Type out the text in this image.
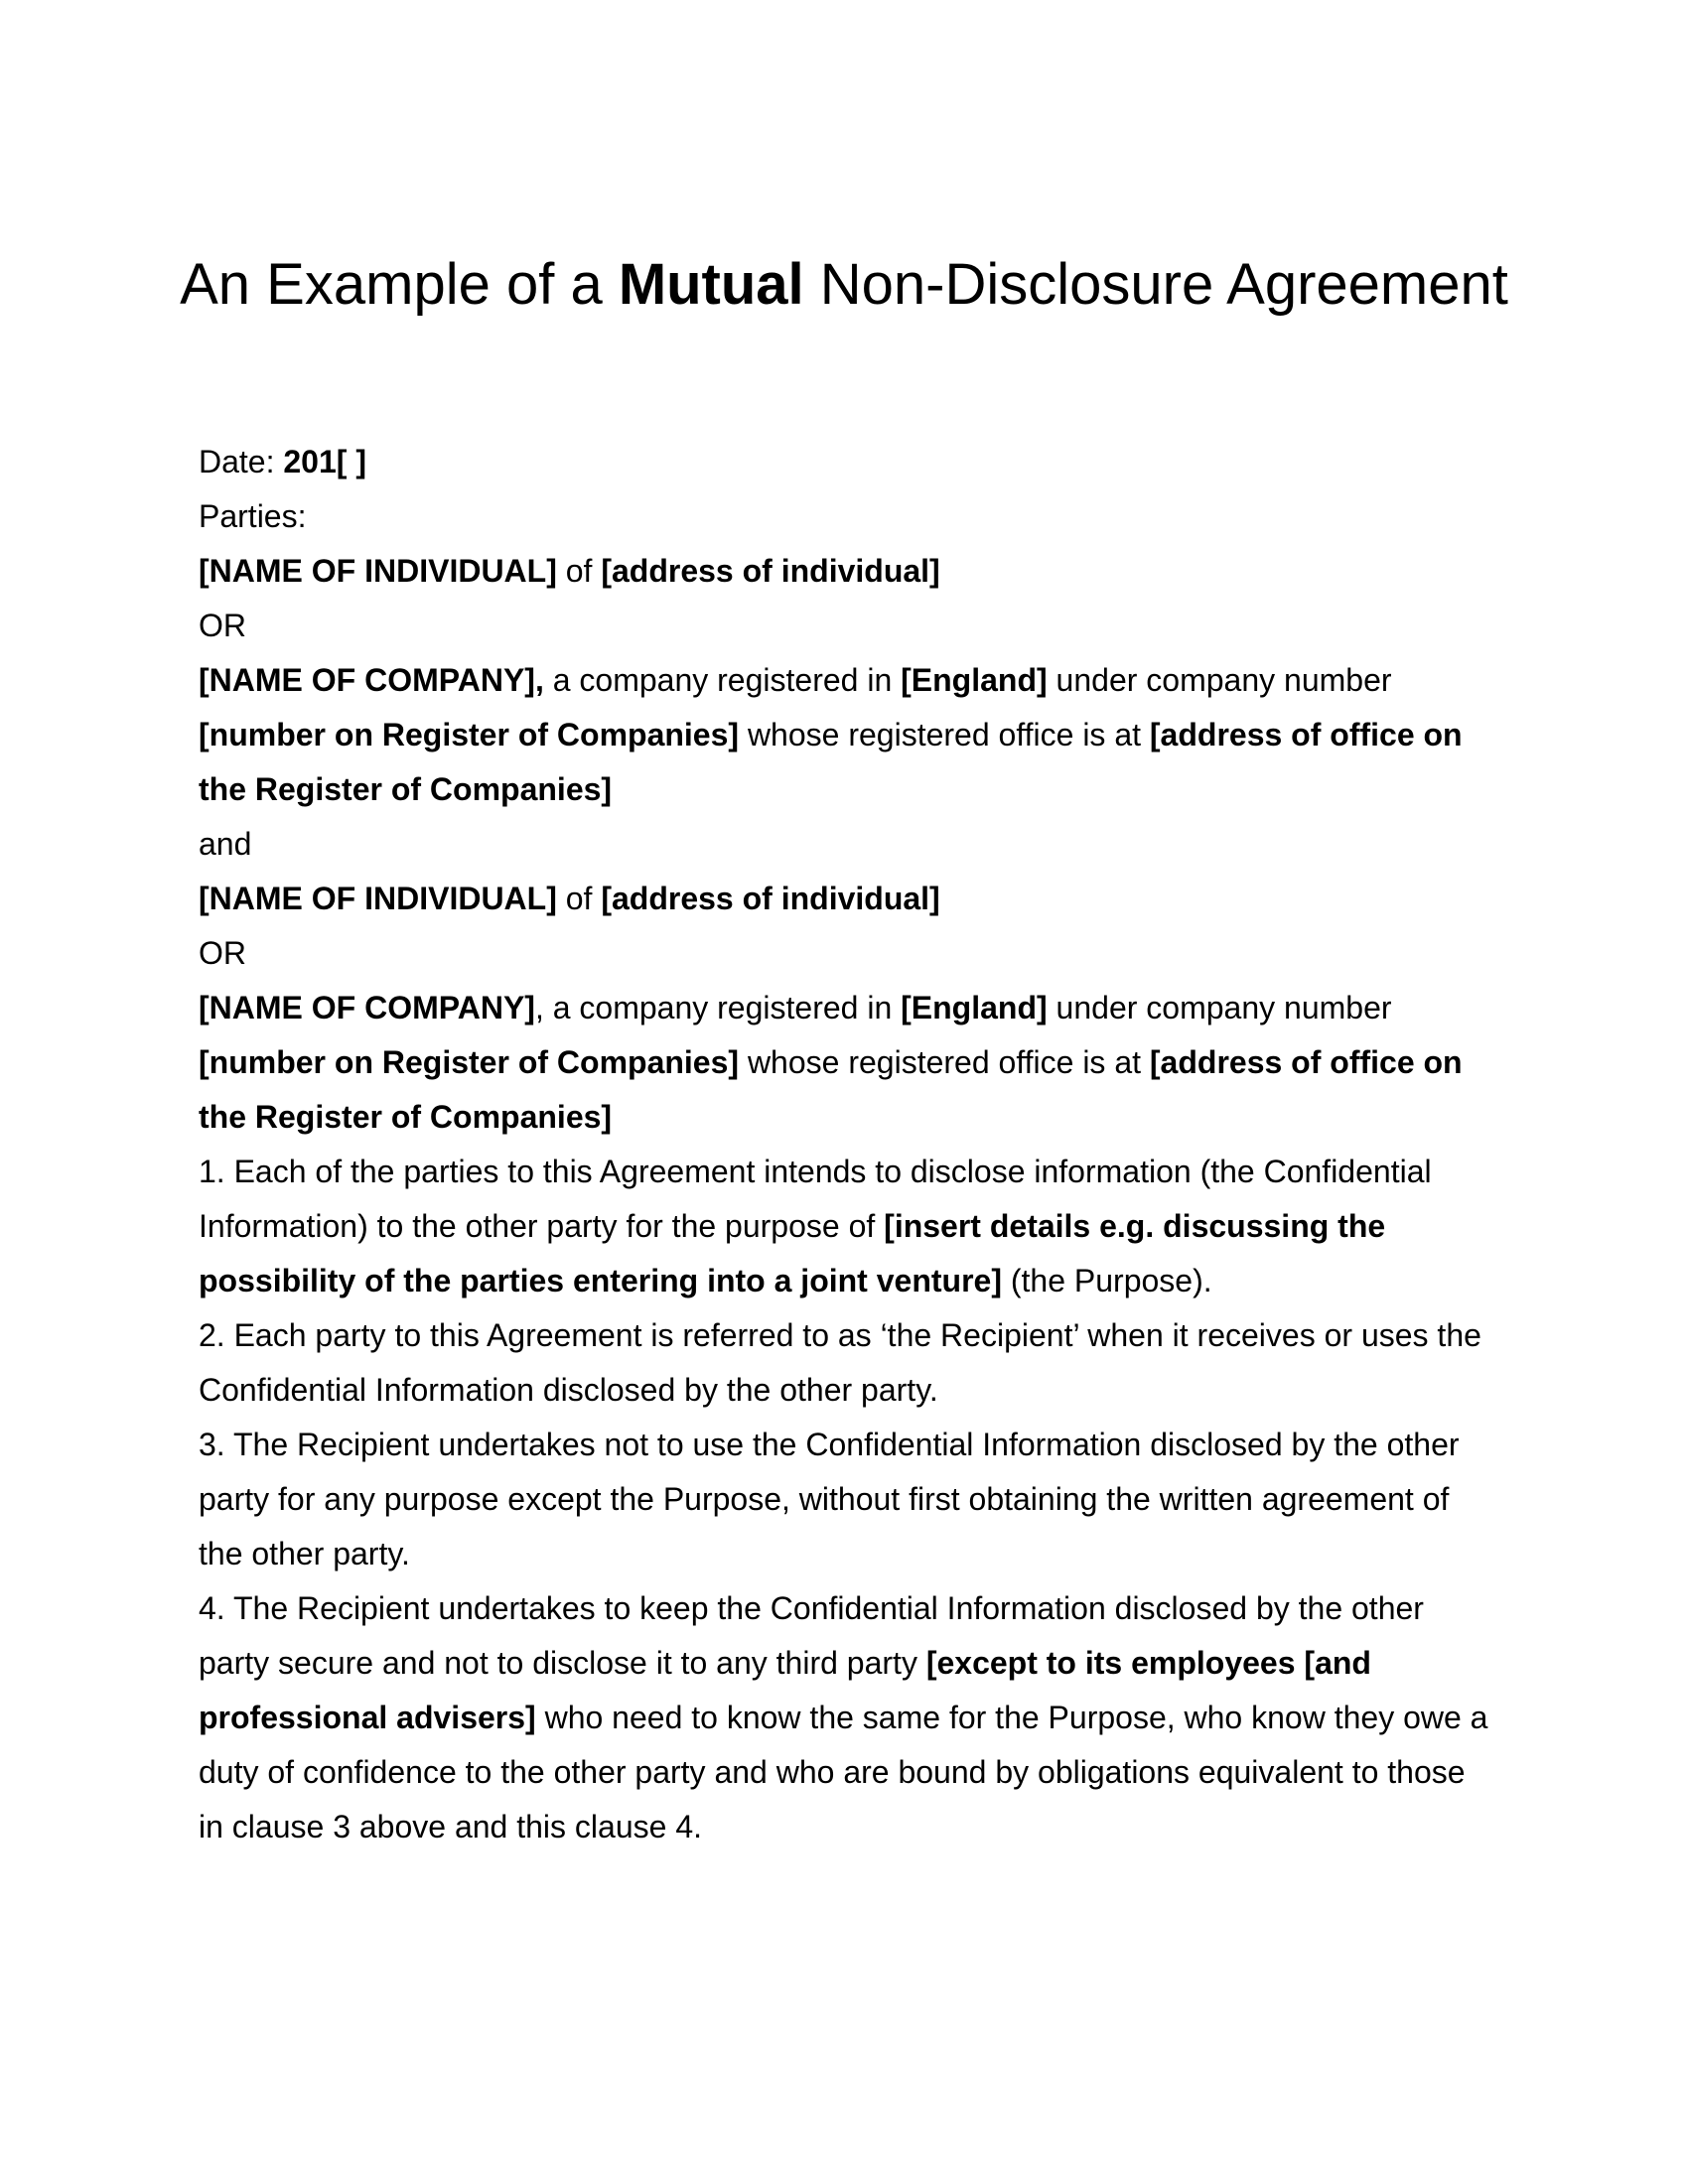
An Example of a Mutual Non-Disclosure Agreement
Date: 201[ ]
Parties:
[NAME OF INDIVIDUAL] of [address of individual]
OR
[NAME OF COMPANY], a company registered in [England] under company number
[number on Register of Companies] whose registered office is at [address of office on
the Register of Companies]
and
[NAME OF INDIVIDUAL] of [address of individual]
OR
[NAME OF COMPANY], a company registered in [England] under company number
[number on Register of Companies] whose registered office is at [address of office on
the Register of Companies]
1. Each of the parties to this Agreement intends to disclose information (the Confidential
Information) to the other party for the purpose of [insert details e.g. discussing the
possibility of the parties entering into a joint venture] (the Purpose).
2. Each party to this Agreement is referred to as ‘the Recipient’ when it receives or uses the
Confidential Information disclosed by the other party.
3. The Recipient undertakes not to use the Confidential Information disclosed by the other
party for any purpose except the Purpose, without first obtaining the written agreement of
the other party.
4. The Recipient undertakes to keep the Confidential Information disclosed by the other
party secure and not to disclose it to any third party [except to its employees [and
professional advisers] who need to know the same for the Purpose, who know they owe a
duty of confidence to the other party and who are bound by obligations equivalent to those
in clause 3 above and this clause 4.
